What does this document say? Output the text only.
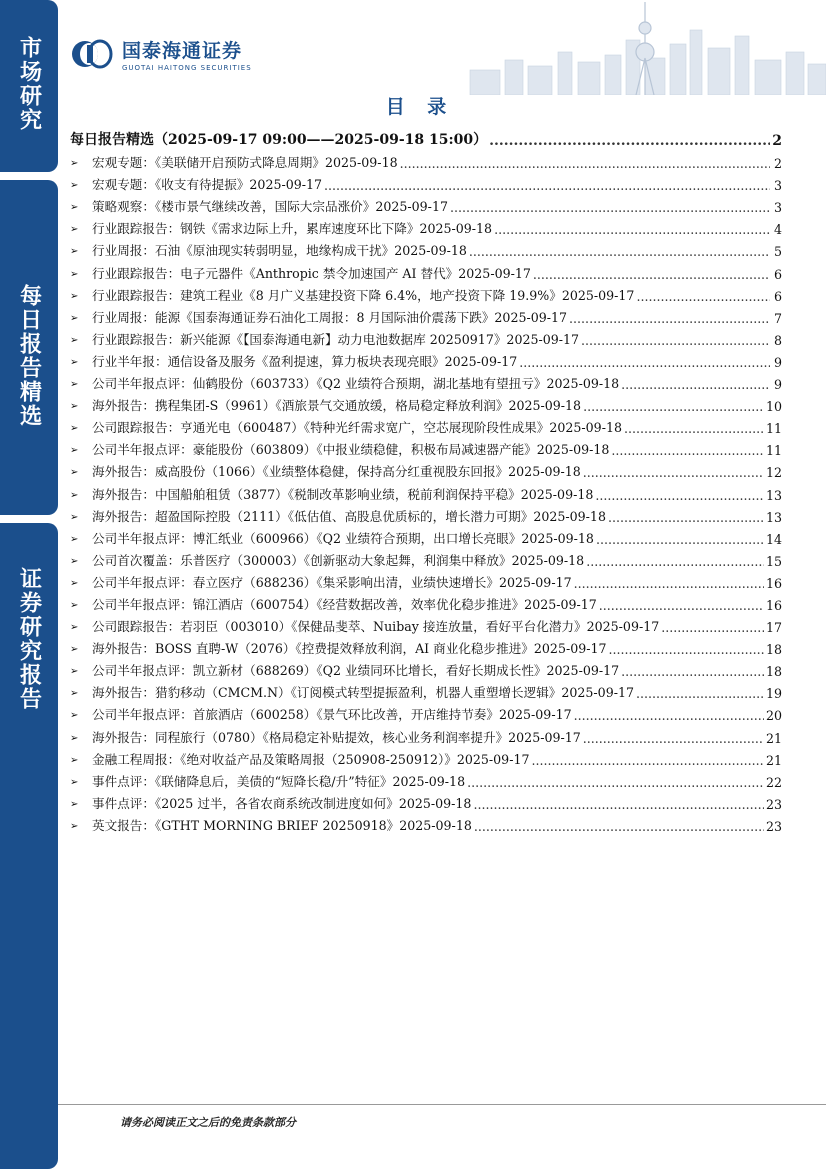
市场研究
每日报告精选
证券研究报告
国泰海通证券
GUOTAI HAITONG SECURITIES
目 录
每日报告精选（2025-09-17 09:00——2025-09-18 15:00） .....	2
➢	宏观专题：《美联储开启预防式降息周期》2025-09-18 .....	2
➢	宏观专题：《收支有待提振》2025-09-17 .....	3
➢	策略观察：《楼市景气继续改善，国际大宗品涨价》2025-09-17 .....	3
➢	行业跟踪报告：钢铁《需求边际上升，累库速度环比下降》2025-09-18 .....	4
➢	行业周报：石油《原油现实转弱明显，地缘构成干扰》2025-09-18 .....	5
➢	行业跟踪报告：电子元器件《Anthropic 禁令加速国产 AI 替代》2025-09-17 .....	6
➢	行业跟踪报告：建筑工程业《8 月广义基建投资下降 6.4%，地产投资下降 19.9%》2025-09-17 .....	6
➢	行业周报：能源《国泰海通证券石油化工周报：8 月国际油价震荡下跌》2025-09-17 .....	7
➢	行业跟踪报告：新兴能源《【国泰海通电新】动力电池数据库 20250917》2025-09-17 .....	8
➢	行业半年报：通信设备及服务《盈利提速，算力板块表现亮眼》2025-09-17 .....	9
➢	公司半年报点评：仙鹤股份（603733）《Q2 业绩符合预期，湖北基地有望扭亏》2025-09-18 .....	9
➢	海外报告：携程集团-S（9961）《酒旅景气交通放缓，格局稳定释放利润》2025-09-18 .....	10
➢	公司跟踪报告：亨通光电（600487）《特种光纤需求宽广，空芯展现阶段性成果》2025-09-18 .....	11
➢	公司半年报点评：豪能股份（603809）《中报业绩稳健，积极布局减速器产能》2025-09-18 .....	11
➢	海外报告：威高股份（1066）《业绩整体稳健，保持高分红重视股东回报》2025-09-18 .....	12
➢	海外报告：中国船舶租赁（3877）《税制改革影响业绩，税前利润保持平稳》2025-09-18 .....	13
➢	海外报告：超盈国际控股（2111）《低估值、高股息优质标的，增长潜力可期》2025-09-18 .....	13
➢	公司半年报点评：博汇纸业（600966）《Q2 业绩符合预期，出口增长亮眼》2025-09-18 .....	14
➢	公司首次覆盖：乐普医疗（300003）《创新驱动大象起舞，利润集中释放》2025-09-18 .....	15
➢	公司半年报点评：春立医疗（688236）《集采影响出清，业绩快速增长》2025-09-17 .....	16
➢	公司半年报点评：锦江酒店（600754）《经营数据改善，效率优化稳步推进》2025-09-17 .....	16
➢	公司跟踪报告：若羽臣（003010）《保健品斐萃、Nuibay 接连放量，看好平台化潜力》2025-09-17 .....	17
➢	海外报告：BOSS 直聘-W（2076）《控费提效释放利润，AI 商业化稳步推进》2025-09-17 .....	18
➢	公司半年报点评：凯立新材（688269）《Q2 业绩同环比增长，看好长期成长性》2025-09-17 .....	18
➢	海外报告：猎豹移动（CMCM.N）《订阅模式转型提振盈利，机器人重塑增长逻辑》2025-09-17 .....	19
➢	公司半年报点评：首旅酒店（600258）《景气环比改善，开店维持节奏》2025-09-17 .....	20
➢	海外报告：同程旅行（0780）《格局稳定补贴提效，核心业务利润率提升》2025-09-17 .....	21
➢	金融工程周报：《绝对收益产品及策略周报（250908-250912）》2025-09-17 .....	21
➢	事件点评：《联储降息后，美债的“短降长稳/升”特征》2025-09-18 .....	22
➢	事件点评：《2025 过半，各省农商系统改制进度如何》2025-09-18 .....	23
➢	英文报告：《GTHT MORNING BRIEF 20250918》2025-09-18 .....	23
请务必阅读正文之后的免责条款部分
